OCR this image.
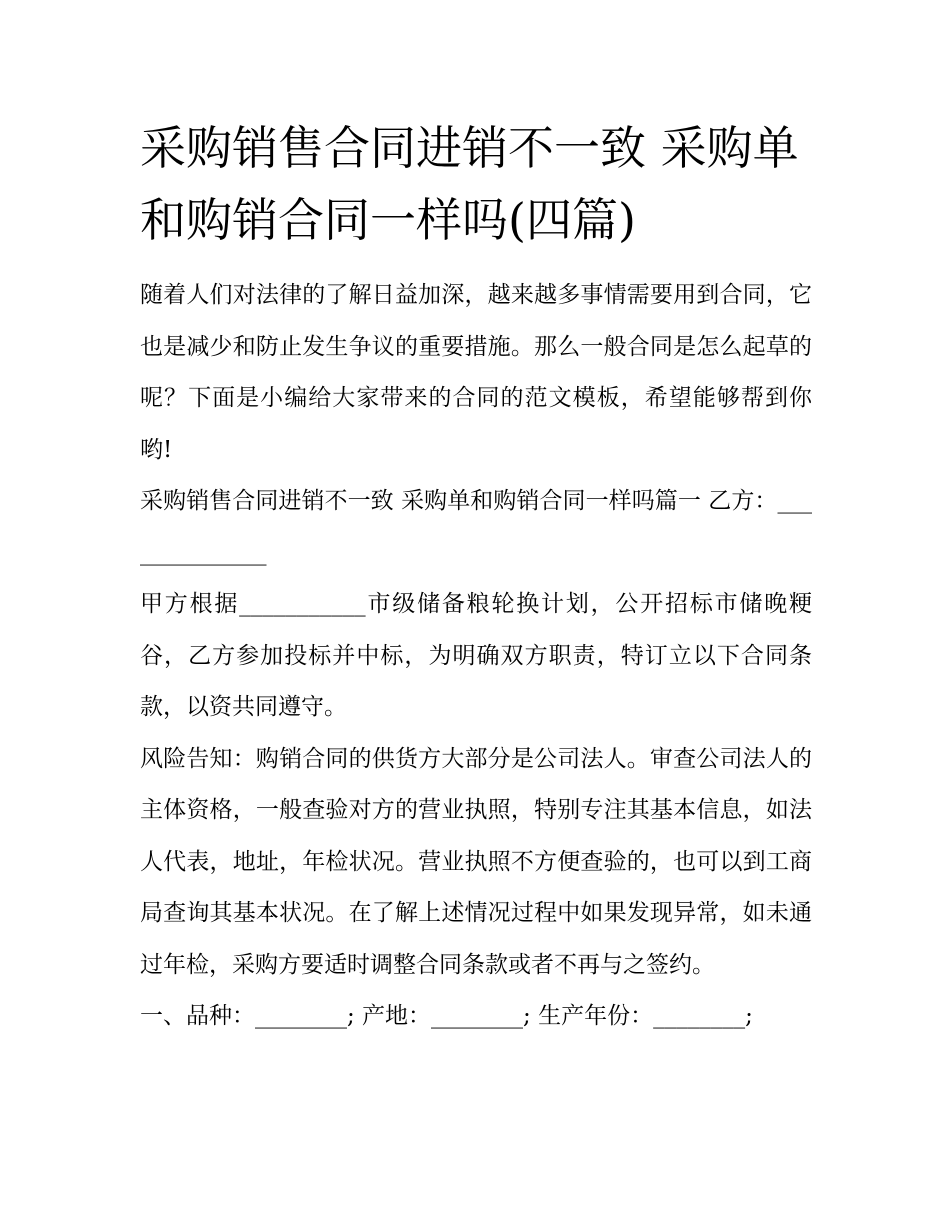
采购销售合同进销不一致 采购单和购销合同一样吗(四篇)

随着人们对法律的了解日益加深，越来越多事情需要用到合同，它也是减少和防止发生争议的重要措施。那么一般合同是怎么起草的呢？下面是小编给大家带来的合同的范文模板，希望能够帮到你哟!

采购销售合同进销不一致 采购单和购销合同一样吗篇一 乙方：______________

甲方根据___________市级储备粮轮换计划，公开招标市储晚粳谷，乙方参加投标并中标，为明确双方职责，特订立以下合同条款，以资共同遵守。

风险告知：购销合同的供货方大部分是公司法人。审查公司法人的主体资格，一般查验对方的营业执照，特别专注其基本信息，如法人代表，地址，年检状况。营业执照不方便查验的，也可以到工商局查询其基本状况。在了解上述情况过程中如果发现异常，如未通过年检，采购方要适时调整合同条款或者不再与之签约。

一、品种：________; 产地：________; 生产年份：________;
